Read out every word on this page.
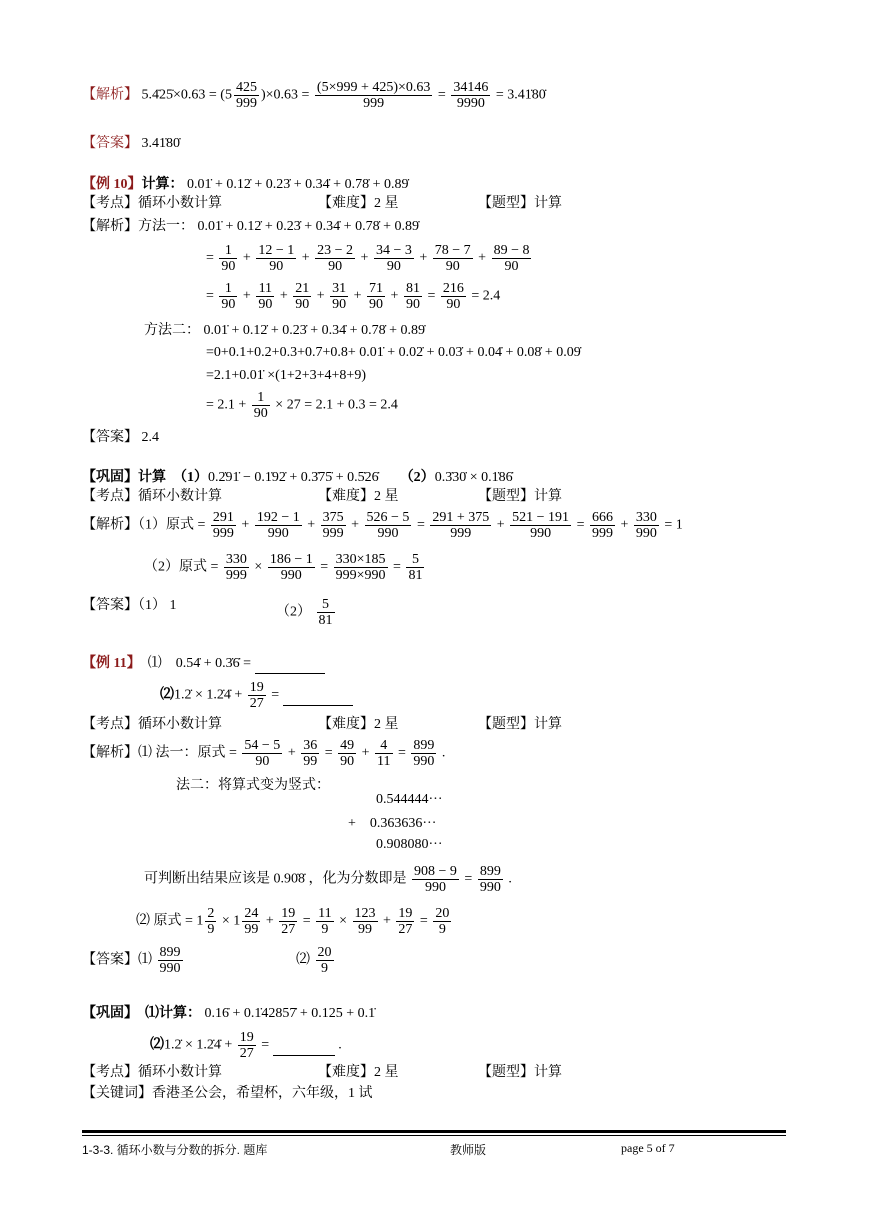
【解析】 5.4̇25̇×0.63 = $(5 \frac{425}{999} )\times 0.63 = \frac{(5\times 999 + 425)\times 0.63}{999} = \frac{34146}{9990}$ = 3.41̇80̇
【答案】 3.41̇80̇
【例 10】计算： 0.01̇ + 0.12̇ + 0.23̇ + 0.34̇ + 0.78̇ + 0.89̇
【考点】循环小数计算	【难度】2 星	【题型】计算
【解析】方法一： 0.01̇ + 0.12̇ + 0.23̇ + 0.34̇ + 0.78̇ + 0.89̇
= $\frac{1}{90} + \frac{12 - 1}{90} + \frac{23 - 2}{90} + \frac{34 - 3}{90} + \frac{78 - 7}{90} + \frac{89 - 8}{90}$
= $\frac{1}{90} + \frac{11}{90} + \frac{21}{90} + \frac{31}{90} + \frac{71}{90} + \frac{81}{90} = \frac{216}{90} = 2.4$
方法二： 0.01̇ + 0.12̇ + 0.23̇ + 0.34̇ + 0.78̇ + 0.89̇
=0+0.1+0.2+0.3+0.7+0.8+ 0.01̇ + 0.02̇ + 0.03̇ + 0.04̇ + 0.08̇ + 0.09̇
=2.1+0.01̇ ×(1+2+3+4+8+9)
= $2.1 + \frac{1}{90} \times 27 = 2.1 + 0.3 = 2.4$
【答案】 2.4
【巩固】计算　（1）0.2̇91̇ − 0.1̇92̇ + 0.3̇75̇ + 0.5̇26̇　　（2）0.3̇30̇ × 0.1̇86̇
【考点】循环小数计算	【难度】2 星	【题型】计算
【解析】（1）原式 = $\frac{291}{999} + \frac{192 - 1}{990} + \frac{375}{999} + \frac{526 - 5}{990} = \frac{291 + 375}{999} + \frac{521 - 191}{990} = \frac{666}{999} + \frac{330}{990} = 1$
（2）原式 = $\frac{330}{999} \times \frac{186 - 1}{990} = \frac{330\times 185}{999\times 990} = \frac{5}{81}$
【答案】（1） 1	$(2) \frac{5}{81}$
【例 11】　⑴　0.54̇ + 0.3̇6̇ =
⑵1.2̇ × 1.2̇4̇ + $\frac{19}{27}$ =
【考点】循环小数计算	【难度】2 星	【题型】计算
【解析】⑴ 法一：原式 = $\frac{54 - 5}{90} + \frac{36}{99} = \frac{49}{90} + \frac{4}{11} = \frac{899}{990}$ .
法二：将算式变为竖式：
0.544444···
+　0.363636···
0.908080···
可判断出结果应该是 0.90̇8̇ ，化为分数即是 $\frac{908 - 9}{990} = \frac{899}{990}$ .
⑵ 原式 = $1 \frac{2}{9} \times 1 \frac{24}{99} + \frac{19}{27} = \frac{11}{9} \times \frac{123}{99} + \frac{19}{27} = \frac{20}{9}$
【答案】⑴ $\frac{899}{990}$	⑵ $\frac{20}{9}$
【巩固】　⑴计算： 0.16̇ + 0.1̇42857̇ + 0.125 + 0.1̇
⑵1.2̇ × 1.2̇4̇ + $\frac{19}{27}$ =	.
【考点】循环小数计算	【难度】2 星	【题型】计算
【关键词】香港圣公会，希望杯，六年级，1 试
1-3-3. 循环小数与分数的拆分. 题库	教师版	page 5 of 7
